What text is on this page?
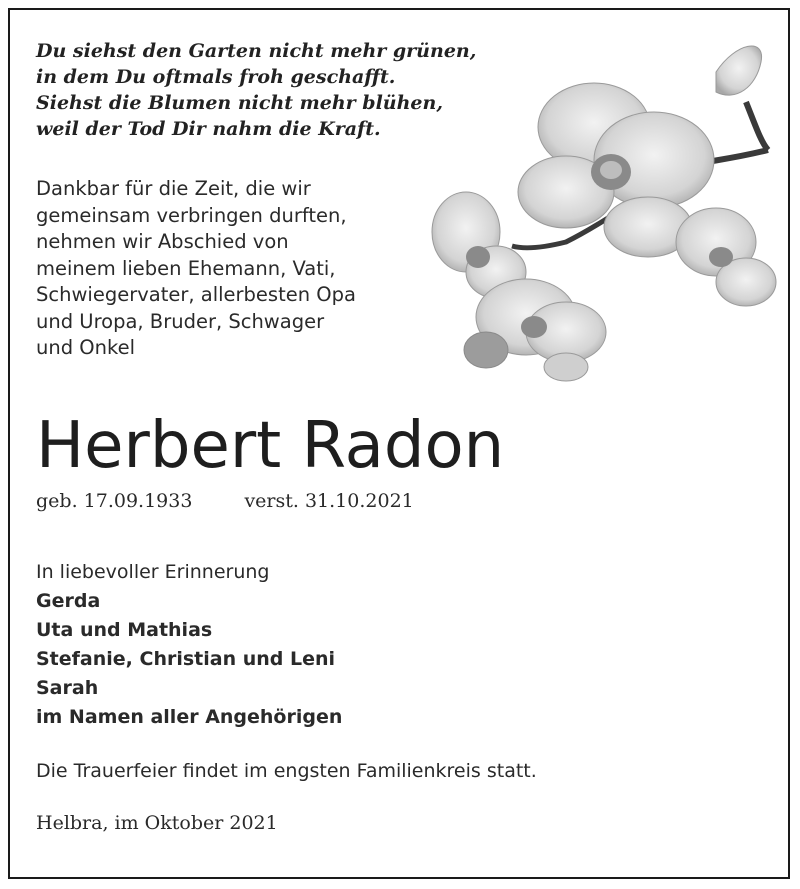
Du siehst den Garten nicht mehr grünen,
in dem Du oftmals froh geschafft.
Siehst die Blumen nicht mehr blühen,
weil der Tod Dir nahm die Kraft.
Dankbar für die Zeit, die wir
gemeinsam verbringen durften,
nehmen wir Abschied von
meinem lieben Ehemann, Vati,
Schwiegervater, allerbesten Opa
und Uropa, Bruder, Schwager
und Onkel
Herbert Radon
geb. 17.09.1933	verst. 31.10.2021
In liebevoller Erinnerung
Gerda
Uta und Mathias
Stefanie, Christian und Leni
Sarah
im Namen aller Angehörigen
Die Trauerfeier findet im engsten Familienkreis statt.
Helbra, im Oktober 2021
